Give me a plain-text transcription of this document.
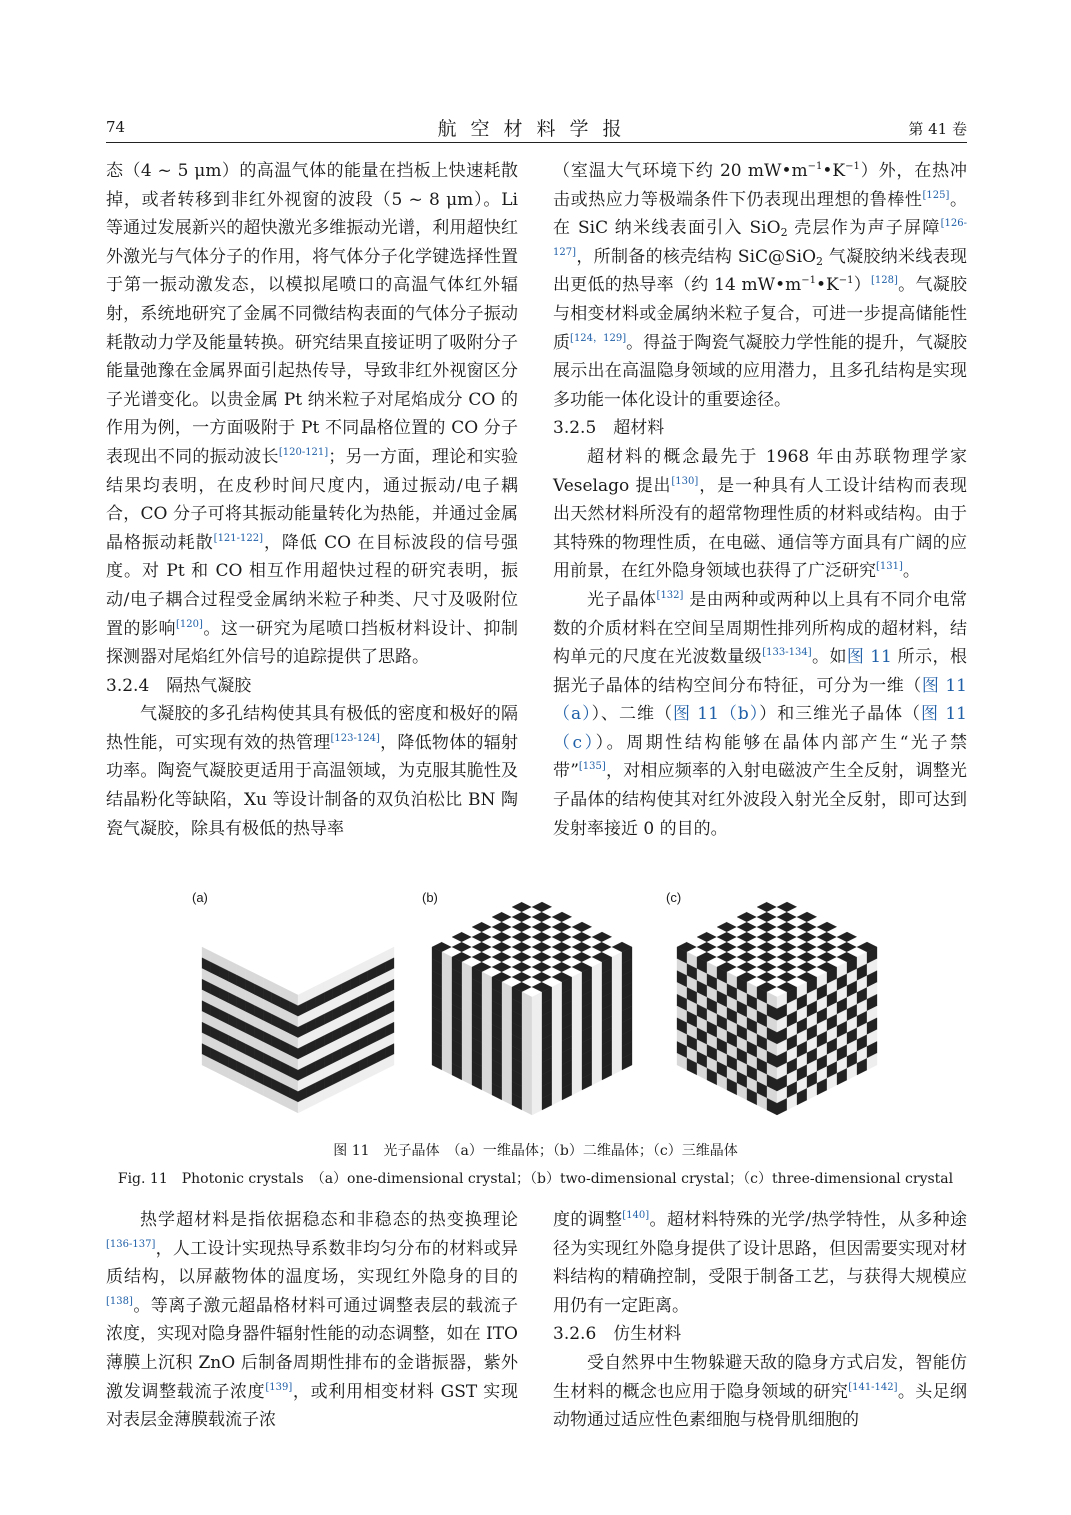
74	航空材料学报	第 41 卷

态（4 ~ 5 μm）的高温气体的能量在挡板上快速耗散掉，或者转移到非红外视窗的波段（5 ~ 8 μm）。Li 等通过发展新兴的超快激光多维振动光谱，利用超快红外激光与气体分子的作用，将气体分子化学键选择性置于第一振动激发态，以模拟尾喷口的高温气体红外辐射，系统地研究了金属不同微结构表面的气体分子振动耗散动力学及能量转换。研究结果直接证明了吸附分子能量弛豫在金属界面引起热传导，导致非红外视窗区分子光谱变化。以贵金属 Pt 纳米粒子对尾焰成分 CO 的作用为例，一方面吸附于 Pt 不同晶格位置的 CO 分子表现出不同的振动波长[120-121]；另一方面，理论和实验结果均表明，在皮秒时间尺度内，通过振动/电子耦合，CO 分子可将其振动能量转化为热能，并通过金属晶格振动耗散[121-122]，降低 CO 在目标波段的信号强度。对 Pt 和 CO 相互作用超快过程的研究表明，振动/电子耦合过程受金属纳米粒子种类、尺寸及吸附位置的影响[120]。这一研究为尾喷口挡板材料设计、抑制探测器对尾焰红外信号的追踪提供了思路。

3.2.4　隔热气凝胶

气凝胶的多孔结构使其具有极低的密度和极好的隔热性能，可实现有效的热管理[123-124]，降低物体的辐射功率。陶瓷气凝胶更适用于高温领域，为克服其脆性及结晶粉化等缺陷，Xu 等设计制备的双负泊松比 BN 陶瓷气凝胶，除具有极低的热导率

（室温大气环境下约 20 $mW•m^{-1}•K^{-1}$）外，在热冲击或热应力等极端条件下仍表现出理想的鲁棒性[125]。在 SiC 纳米线表面引入 SiO$_2$ 壳层作为声子屏障[126-127]，所制备的核壳结构 SiC@SiO$_2$ 气凝胶纳米线表现出更低的热导率（约 14 $mW•m^{-1}•K^{-1})[128]$。气凝胶与相变材料或金属纳米粒子复合，可进一步提高储能性质[124，129]。得益于陶瓷气凝胶力学性能的提升，气凝胶展示出在高温隐身领域的应用潜力，且多孔结构是实现多功能一体化设计的重要途径。

3.2.5　超材料

超材料的概念最先于 1968 年由苏联物理学家 Veselago 提出[130]，是一种具有人工设计结构而表现出天然材料所没有的超常物理性质的材料或结构。由于其特殊的物理性质，在电磁、通信等方面具有广阔的应用前景，在红外隐身领域也获得了广泛研究[131]。

光子晶体[132] 是由两种或两种以上具有不同介电常数的介质材料在空间呈周期性排列所构成的超材料，结构单元的尺度在光波数量级[133-134]。如图 11 所示，根据光子晶体的结构空间分布特征，可分为一维（图 11（a））、二维（图 11（b））和三维光子晶体（图 11（c））。周期性结构能够在晶体内部产生“光子禁带”[135]，对相应频率的入射电磁波产生全反射，调整光子晶体的结构使其对红外波段入射光全反射，即可达到发射率接近 0 的目的。

(a)	(b)	(c)
图 11　光子晶体　（a）一维晶体；（b）二维晶体；（c）三维晶体
Fig. 11　Photonic crystals　（a）one-dimensional crystal；（b）two-dimensional crystal；（c）three-dimensional crystal

热学超材料是指依据稳态和非稳态的热变换理论[136-137]，人工设计实现热导系数非均匀分布的材料或异质结构，以屏蔽物体的温度场，实现红外隐身的目的[138]。等离子激元超晶格材料可通过调整表层的载流子浓度，实现对隐身器件辐射性能的动态调整，如在 ITO 薄膜上沉积 ZnO 后制备周期性排布的金谐振器，紫外激发调整载流子浓度[139]，或利用相变材料 GST 实现对表层金薄膜载流子浓

度的调整[140]。超材料特殊的光学/热学特性，从多种途径为实现红外隐身提供了设计思路，但因需要实现对材料结构的精确控制，受限于制备工艺，与获得大规模应用仍有一定距离。

3.2.6　仿生材料

受自然界中生物躲避天敌的隐身方式启发，智能仿生材料的概念也应用于隐身领域的研究[141-142]。头足纲动物通过适应性色素细胞与桡骨肌细胞的
